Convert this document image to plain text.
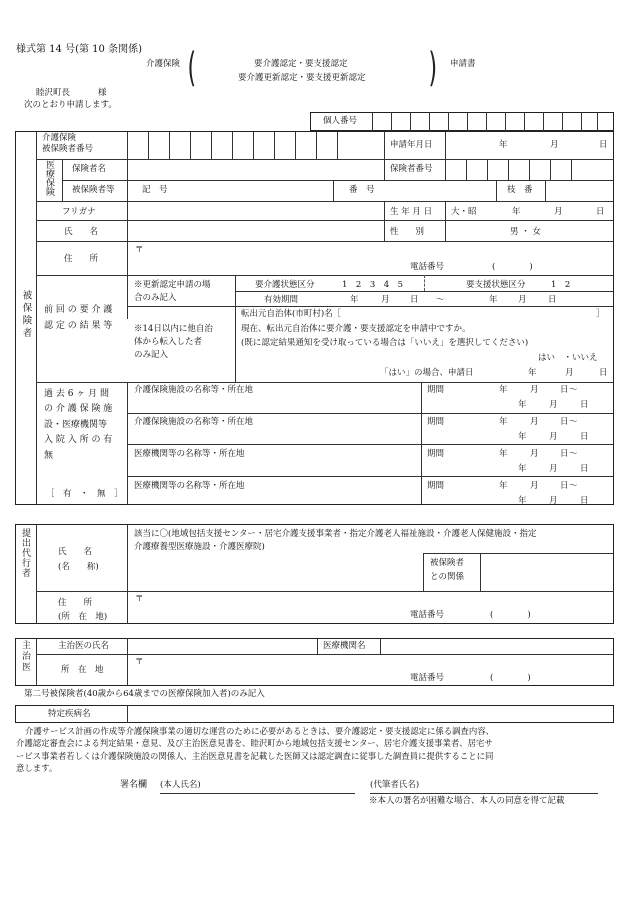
様式第 14 号(第 10 条関係)
介護保険 (	要介護認定・要支援認定
要介護更新認定・要支援更新認定 ) 申請書
睦沢町長	様
次のとおり申請します。
個人番号
被保険者
介護保険
被保険者番号	申請年月日	年	月	日
医療保険 保険者名	保険者番号
被保険者等	記　号	番　号	枝　番
フリガナ	生 年 月 日 大・昭	年	月	日
氏　　名	性　　別	男 ・ 女
住　　所
〒
電話番号	(　　　　)
前 回 の 要 介 護
認 定 の 結 果 等
※更新認定申請の場
合のみ記入
要介護状態区分	1　2　3　4　5	要支援状態区分	1　2
有効期間	年	月 日 ～	年 月	日
※14日以内に他自治
体から転入した者
のみ記入
転出元自治体(市町村)名［	］
現在、転出元自治体に要介護・要支援認定を申請中ですか。
(既に認定結果通知を受け取っている場合は「いいえ」を選択してください)
はい　・いいえ
「はい」の場合、申請日	年	月	日
過 去 6 ヶ 月 間
の 介 護 保 険 施
設・医療機関等
入 院 入 所 の 有
無
［　有　・　無　］
介護保険施設の名称等・所在地	期間	年	月	日 ～
年	月	日
介護保険施設の名称等・所在地	期間	年	月	日 ～
年	月	日
医療機関等の名称等・所在地	期間	年	月	日 ～
年	月	日
医療機関等の名称等・所在地	期間	年	月	日 ～
年	月	日
提出代行者	氏　　名
(名　　称)
該当に〇(地域包括支援センター・居宅介護支援事業者・指定介護老人福祉施設・介護老人保健施設・指定
介護療養型医療施設・介護医療院)
被保険者
との関係
住　　所
(所　在　地)
〒
電話番号	(　　　　)
主治医	主治医の氏名	医療機関名
所　在　地
〒
電話番号	(　　　　)
第二号被保険者(40歳から64歳までの医療保険加入者)のみ記入
特定疾病名
介護サービス計画の作成等介護保険事業の適切な運営のために必要があるときは、要介護認定・要支援認定に係る調査内容、
介護認定審査会による判定結果・意見、及び主治医意見書を、睦沢町から地域包括支援センター、居宅介護支援事業者、居宅サ
ービス事業者若しくは介護保険施設の関係人、主治医意見書を記載した医師又は認定調査に従事した調査員に提供することに同
意します。
署名欄 (本人氏名)	(代筆者氏名)
※本人の署名が困難な場合、本人の同意を得て記載
